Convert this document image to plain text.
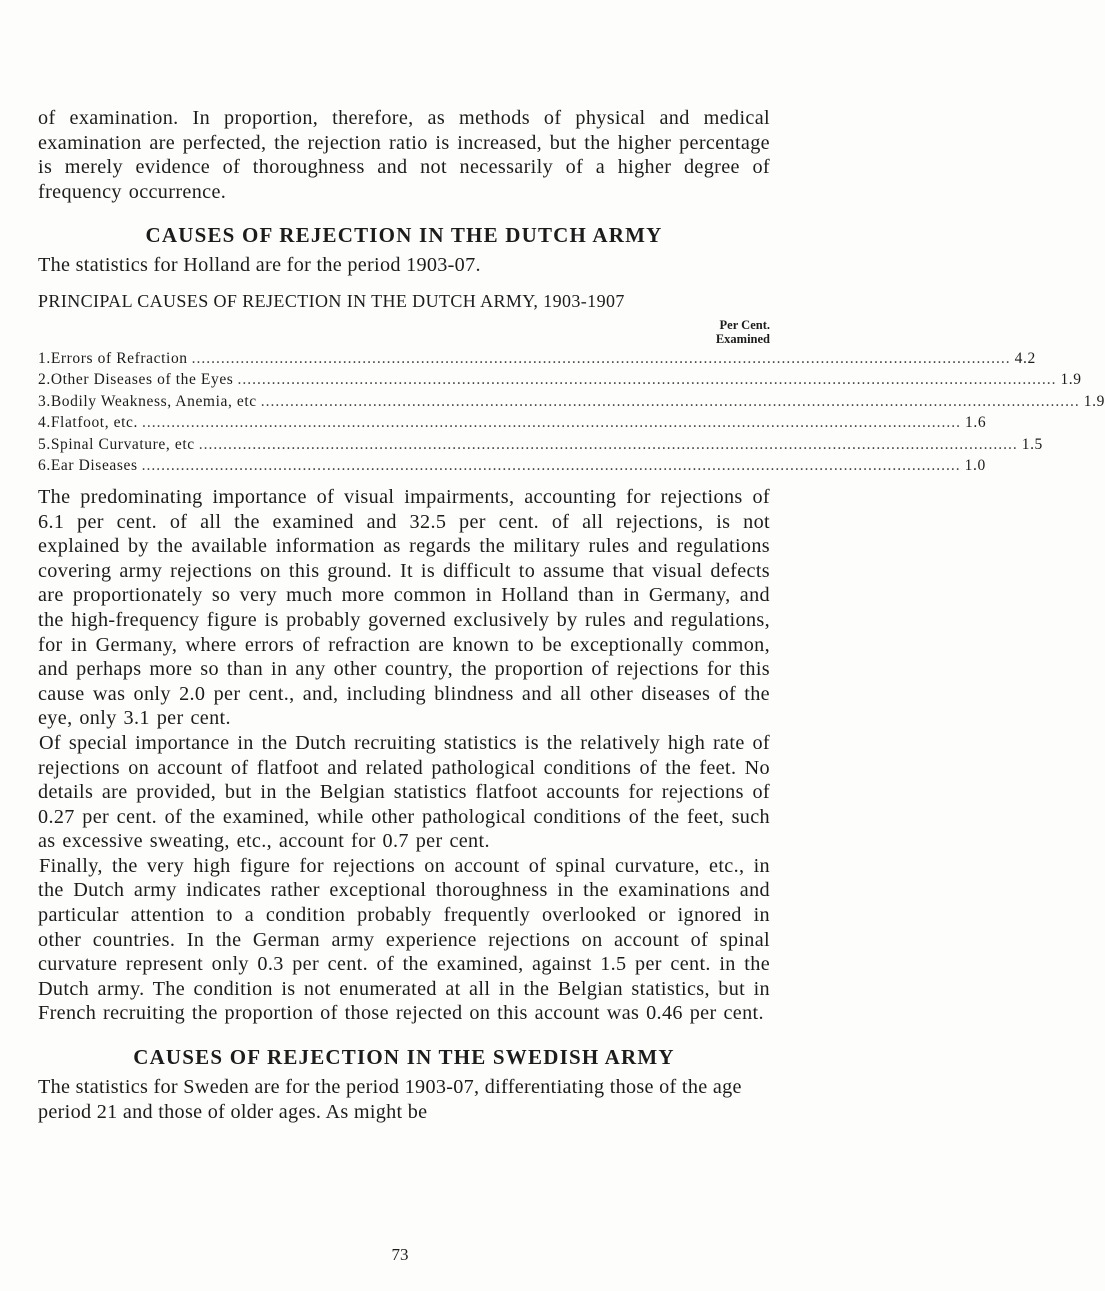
of examination. In proportion, therefore, as methods of physical and medical examination are perfected, the rejection ratio is increased, but the higher percentage is merely evidence of thoroughness and not necessarily of a higher degree of frequency occurrence.

CAUSES OF REJECTION IN THE DUTCH ARMY

The statistics for Holland are for the period 1903-07.

PRINCIPAL CAUSES OF REJECTION IN THE DUTCH ARMY, 1903-1907
Per Cent.
Examined
1. Errors of Refraction ........................................................................................................................................................................ 4.2
2. Other Diseases of the Eyes ........................................................................................................................................................................ 1.9
3. Bodily Weakness, Anemia, etc ........................................................................................................................................................................ 1.9
4. Flatfoot, etc. ........................................................................................................................................................................ 1.6
5. Spinal Curvature, etc ........................................................................................................................................................................ 1.5
6. Ear Diseases ........................................................................................................................................................................ 1.0

The predominating importance of visual impairments, accounting for rejections of 6.1 per cent. of all the examined and 32.5 per cent. of all rejections, is not explained by the available information as regards the military rules and regulations covering army rejections on this ground. It is difficult to assume that visual defects are proportionately so very much more common in Holland than in Germany, and the high-frequency figure is probably governed exclusively by rules and regulations, for in Germany, where errors of refraction are known to be exceptionally common, and perhaps more so than in any other country, the proportion of rejections for this cause was only 2.0 per cent., and, including blindness and all other diseases of the eye, only 3.1 per cent.

Of special importance in the Dutch recruiting statistics is the relatively high rate of rejections on account of flatfoot and related pathological conditions of the feet. No details are provided, but in the Belgian statistics flatfoot accounts for rejections of 0.27 per cent. of the examined, while other pathological conditions of the feet, such as excessive sweating, etc., account for 0.7 per cent.

Finally, the very high figure for rejections on account of spinal curvature, etc., in the Dutch army indicates rather exceptional thoroughness in the examinations and particular attention to a condition probably frequently overlooked or ignored in other countries. In the German army experience rejections on account of spinal curvature represent only 0.3 per cent. of the examined, against 1.5 per cent. in the Dutch army. The condition is not enumerated at all in the Belgian statistics, but in French recruiting the proportion of those rejected on this account was 0.46 per cent.

CAUSES OF REJECTION IN THE SWEDISH ARMY

The statistics for Sweden are for the period 1903-07, differentiating those of the age period 21 and those of older ages. As might be

73
